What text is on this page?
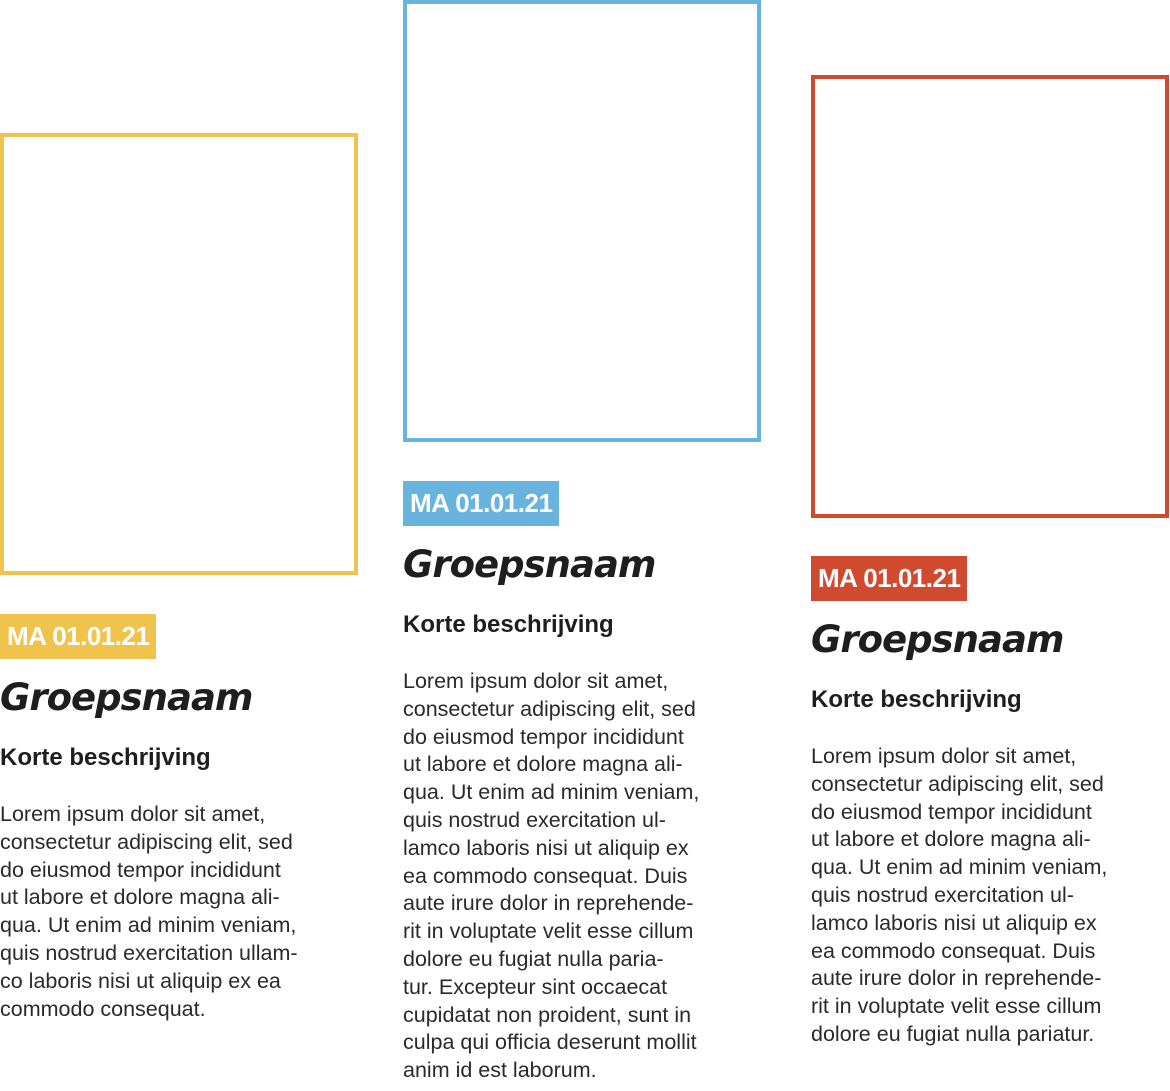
MA 01.01.21
Groepsnaam
Korte beschrijving

Lorem ipsum dolor sit amet,
consectetur adipiscing elit, sed
do eiusmod tempor incididunt
ut labore et dolore magna ali-
qua. Ut enim ad minim veniam,
quis nostrud exercitation ullam-
co laboris nisi ut aliquip ex ea
commodo consequat.

MA 01.01.21
Groepsnaam
Korte beschrijving

Lorem ipsum dolor sit amet,
consectetur adipiscing elit, sed
do eiusmod tempor incididunt
ut labore et dolore magna ali-
qua. Ut enim ad minim veniam,
quis nostrud exercitation ul-
lamco laboris nisi ut aliquip ex
ea commodo consequat. Duis
aute irure dolor in reprehende-
rit in voluptate velit esse cillum
dolore eu fugiat nulla paria-
tur. Excepteur sint occaecat
cupidatat non proident, sunt in
culpa qui officia deserunt mollit
anim id est laborum.

MA 01.01.21
Groepsnaam
Korte beschrijving

Lorem ipsum dolor sit amet,
consectetur adipiscing elit, sed
do eiusmod tempor incididunt
ut labore et dolore magna ali-
qua. Ut enim ad minim veniam,
quis nostrud exercitation ul-
lamco laboris nisi ut aliquip ex
ea commodo consequat. Duis
aute irure dolor in reprehende-
rit in voluptate velit esse cillum
dolore eu fugiat nulla pariatur.
